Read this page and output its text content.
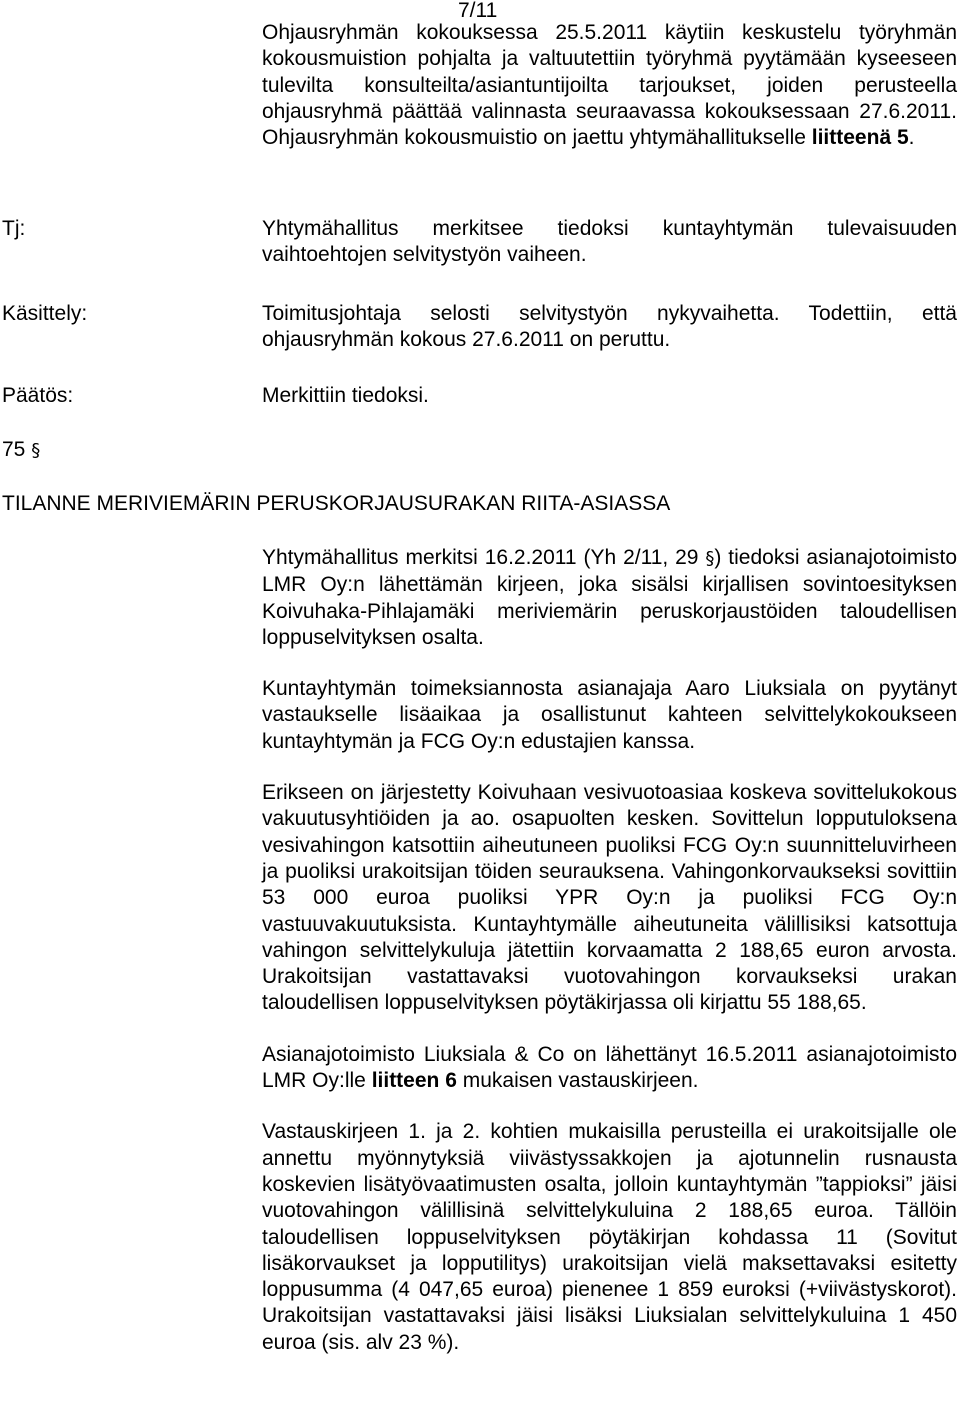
7/11
Ohjausryhmän kokouksessa 25.5.2011 käytiin keskustelu työryhmän kokousmuistion pohjalta ja valtuutettiin työryhmä pyytämään kyseeseen tulevilta konsulteilta/asiantuntijoilta tarjoukset, joiden perusteella ohjausryhmä päättää valinnasta seuraavassa kokouksessaan 27.6.2011. Ohjausryhmän kokousmuistio on jaettu yhtymähallitukselle liitteenä 5.
Tj:	Yhtymähallitus merkitsee tiedoksi kuntayhtymän tulevaisuuden vaihtoehtojen selvitystyön vaiheen.
Käsittely:	Toimitusjohtaja selosti selvitystyön nykyvaihetta. Todettiin, että ohjausryhmän kokous 27.6.2011 on peruttu.
Päätös:	Merkittiin tiedoksi.
75 §
TILANNE MERIVIEMÄRIN PERUSKORJAUSURAKAN RIITA-ASIASSA

Yhtymähallitus merkitsi 16.2.2011 (Yh 2/11, 29 §) tiedoksi asianajotoimisto LMR Oy:n lähettämän kirjeen, joka sisälsi kirjallisen sovintoesityksen Koivuhaka-Pihlajamäki meriviemärin peruskorjaustöiden taloudellisen loppuselvityksen osalta.

Kuntayhtymän toimeksiannosta asianajaja Aaro Liuksiala on pyytänyt vastaukselle lisäaikaa ja osallistunut kahteen selvittelykokoukseen kuntayhtymän ja FCG Oy:n edustajien kanssa.

Erikseen on järjestetty Koivuhaan vesivuotoasiaa koskeva sovittelukokous vakuutusyhtiöiden ja ao. osapuolten kesken. Sovittelun lopputuloksena vesivahingon katsottiin aiheutuneen puoliksi FCG Oy:n suunnitteluvirheen ja puoliksi urakoitsijan töiden seurauksena. Vahingonkorvaukseksi sovittiin 53 000 euroa puoliksi YPR Oy:n ja puoliksi FCG Oy:n vastuuvakuutuksista. Kuntayhtymälle aiheutuneita välillisiksi katsottuja vahingon selvittelykuluja jätettiin korvaamatta 2 188,65 euron arvosta. Urakoitsijan vastattavaksi vuotovahingon korvaukseksi urakan taloudellisen loppuselvityksen pöytäkirjassa oli kirjattu 55 188,65.

Asianajotoimisto Liuksiala & Co on lähettänyt 16.5.2011 asianajotoimisto LMR Oy:lle liitteen 6 mukaisen vastauskirjeen.

Vastauskirjeen 1. ja 2. kohtien mukaisilla perusteilla ei urakoitsijalle ole annettu myönnytyksiä viivästyssakkojen ja ajotunnelin rusnausta koskevien lisätyövaatimusten osalta, jolloin kuntayhtymän ”tappioksi” jäisi vuotovahingon välillisinä selvittelykuluina 2 188,65 euroa. Tällöin taloudellisen loppuselvityksen pöytäkirjan kohdassa 11 (Sovitut lisäkorvaukset ja lopputilitys) urakoitsijan vielä maksettavaksi esitetty loppusumma (4 047,65 euroa) pienenee 1 859 euroksi (+viivästyskorot). Urakoitsijan vastattavaksi jäisi lisäksi Liuksialan selvittelykuluina 1 450 euroa (sis. alv 23 %).
